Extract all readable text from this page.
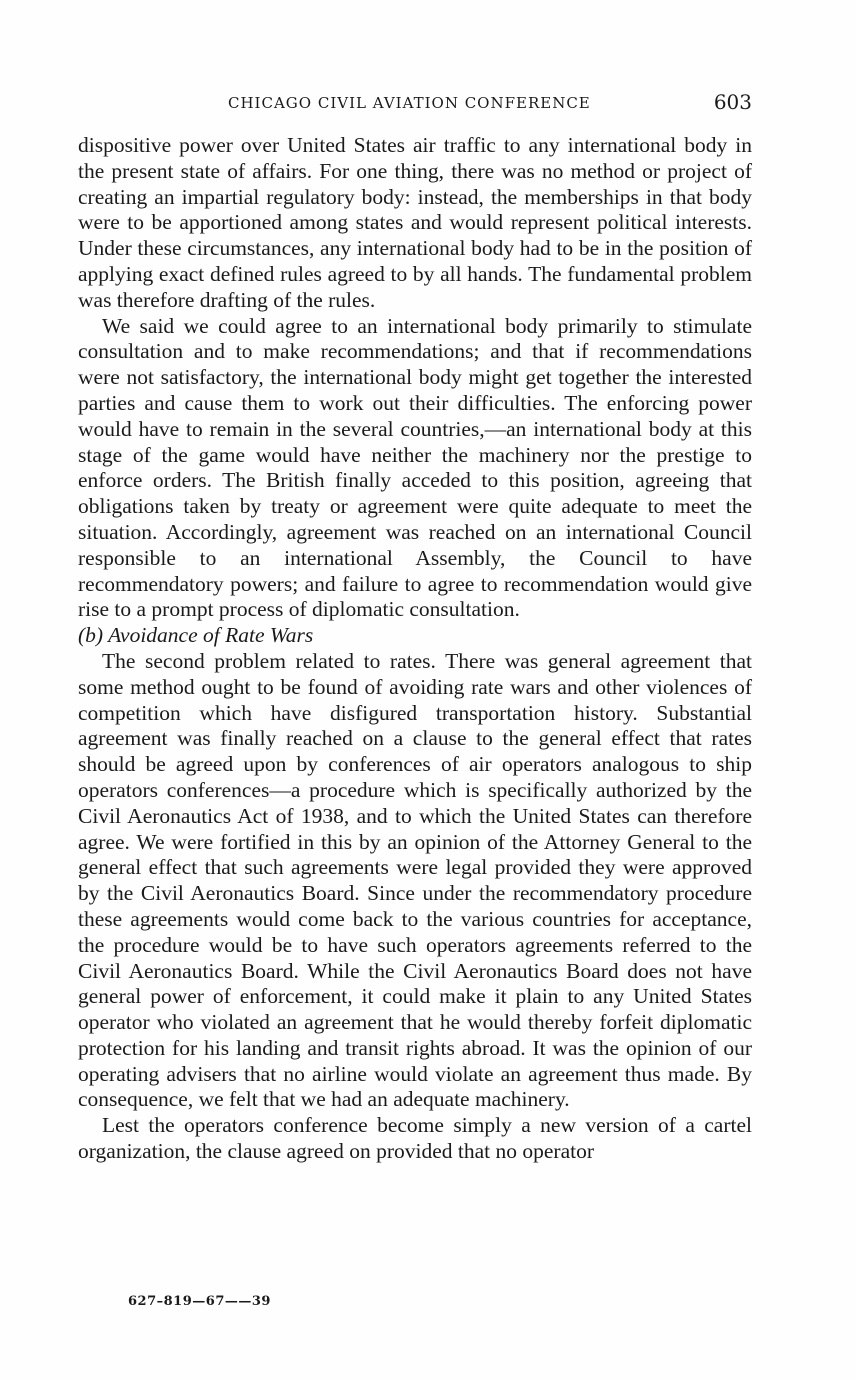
CHICAGO CIVIL AVIATION CONFERENCE	603

dispositive power over United States air traffic to any international body in the present state of affairs. For one thing, there was no method or project of creating an impartial regulatory body: instead, the memberships in that body were to be apportioned among states and would represent political interests. Under these circumstances, any international body had to be in the position of applying exact defined rules agreed to by all hands. The fundamental problem was therefore drafting of the rules.

We said we could agree to an international body primarily to stimulate consultation and to make recommendations; and that if recommendations were not satisfactory, the international body might get together the interested parties and cause them to work out their difficulties. The enforcing power would have to remain in the several countries,—an international body at this stage of the game would have neither the machinery nor the prestige to enforce orders. The British finally acceded to this position, agreeing that obligations taken by treaty or agreement were quite adequate to meet the situation. Accordingly, agreement was reached on an international Council responsible to an international Assembly, the Council to have recommendatory powers; and failure to agree to recommendation would give rise to a prompt process of diplomatic consultation.

(b) Avoidance of Rate Wars

The second problem related to rates. There was general agreement that some method ought to be found of avoiding rate wars and other violences of competition which have disfigured transportation history. Substantial agreement was finally reached on a clause to the general effect that rates should be agreed upon by conferences of air operators analogous to ship operators conferences—a procedure which is specifically authorized by the Civil Aeronautics Act of 1938, and to which the United States can therefore agree. We were fortified in this by an opinion of the Attorney General to the general effect that such agreements were legal provided they were approved by the Civil Aeronautics Board. Since under the recommendatory procedure these agreements would come back to the various countries for acceptance, the procedure would be to have such operators agreements referred to the Civil Aeronautics Board. While the Civil Aeronautics Board does not have general power of enforcement, it could make it plain to any United States operator who violated an agreement that he would thereby forfeit diplomatic protection for his landing and transit rights abroad. It was the opinion of our operating advisers that no airline would violate an agreement thus made. By consequence, we felt that we had an adequate machinery.

Lest the operators conference become simply a new version of a cartel organization, the clause agreed on provided that no operator

627–819—67——39
